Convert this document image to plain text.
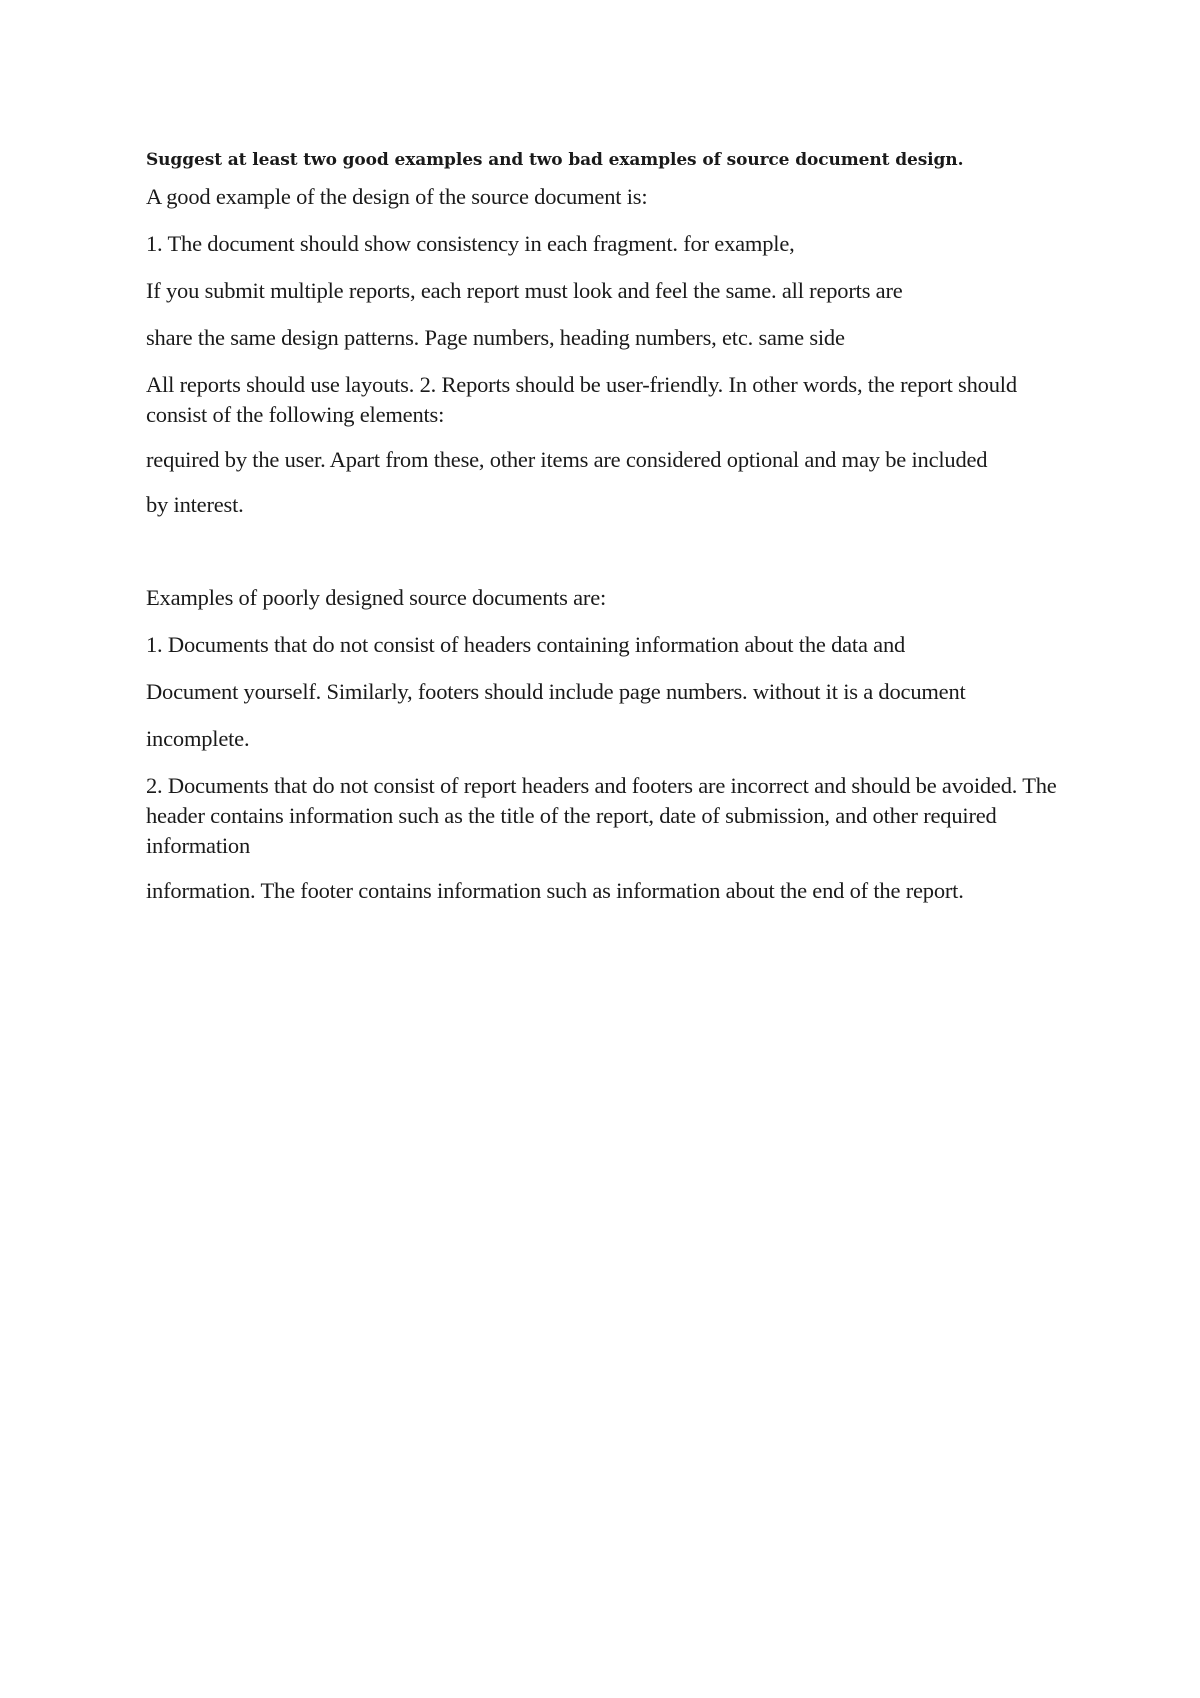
Suggest at least two good examples and two bad examples of source document design.

A good example of the design of the source document is:

1. The document should show consistency in each fragment. for example,

If you submit multiple reports, each report must look and feel the same. all reports are

share the same design patterns. Page numbers, heading numbers, etc. same side

All reports should use layouts. 2. Reports should be user-friendly. In other words, the report should consist of the following elements:

required by the user. Apart from these, other items are considered optional and may be included

by interest.

Examples of poorly designed source documents are:

1. Documents that do not consist of headers containing information about the data and

Document yourself. Similarly, footers should include page numbers. without it is a document

incomplete.

2. Documents that do not consist of report headers and footers are incorrect and should be avoided. The header contains information such as the title of the report, date of submission, and other required information

information. The footer contains information such as information about the end of the report.
